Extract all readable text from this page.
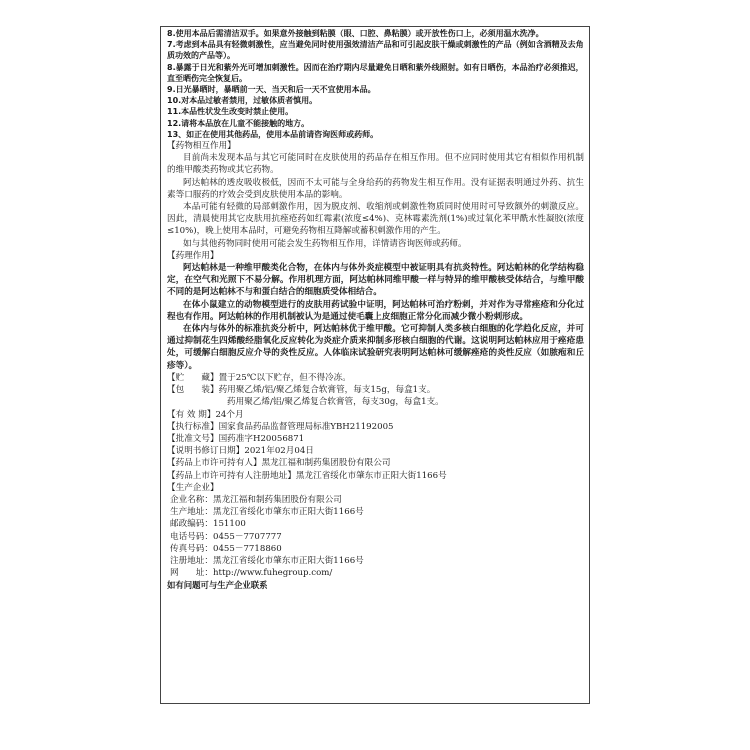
8.使用本品后需清洁双手。如果意外接触到粘膜（眼、口腔、鼻粘膜）或开放性伤口上，必须用温水洗净。

7.考虑到本品具有轻微刺激性，应当避免同时使用强效清洁产品和可引起皮肤干燥或刺激性的产品（例如含酒精及去角质功效的产品等）。

8.暴露于日光和紫外光可增加刺激性。因而在治疗期内尽量避免日晒和紫外线照射。如有日晒伤，本品治疗必须推迟，直至晒伤完全恢复后。

9.日光暴晒时，暴晒前一天、当天和后一天不宜使用本品。

10.对本品过敏者禁用，过敏体质者慎用。

11.本品性状发生改变时禁止使用。

12.请将本品放在儿童不能接触的地方。

13、如正在使用其他药品，使用本品前请咨询医师或药师。

【药物相互作用】

目前尚未发现本品与其它可能同时在皮肤使用的药品存在相互作用。但不应同时使用其它有相似作用机制的维甲酸类药物或其它药物。

阿达帕林的透皮吸收极低，因而不太可能与全身给药的药物发生相互作用。没有证据表明通过外药、抗生素等口服药的疗效会受到皮肤使用本品的影响。

本品可能有轻微的局部刺激作用，因为脱皮剂、收缩剂或刺激性物质同时使用时可导致额外的刺激反应。因此，清晨使用其它皮肤用抗痤疮药如红霉素(浓度≤4%)、克林霉素洗剂(1%)或过氧化苯甲酰水性凝胶(浓度≤10%)，晚上使用本品时，可避免药物相互降解或蓄积刺激作用的产生。

如与其他药物同时使用可能会发生药物相互作用，详情请咨询医师或药师。

【药理作用】

阿达帕林是一种维甲酸类化合物，在体内与体外炎症模型中被证明具有抗炎特性。阿达帕林的化学结构稳定，在空气和光照下不易分解。作用机理方面，阿达帕林同维甲酸一样与特异的维甲酸核受体结合，与维甲酸不同的是阿达帕林不与和蛋白结合的细胞质受体相结合。

在体小鼠建立的动物模型进行的皮肤用药试验中证明，阿达帕林可治疗粉刺，并对作为寻常痤疮和分化过程也有作用。阿达帕林的作用机制被认为是通过使毛囊上皮细胞正常分化而减少微小粉刺形成。

在体内与体外的标准抗炎分析中，阿达帕林优于维甲酸。它可抑制人类多核白细胞的化学趋化反应，并可通过抑制花生四烯酸经脂氧化反应转化为炎症介质来抑制多形核白细胞的代谢。这说明阿达帕林应用于痤疮患处，可缓解白细胞反应介导的炎性反应。人体临床试验研究表明阿达帕林可缓解痤疮的炎性反应（如脓疱和丘疹等）。

【贮　　藏】置于25℃以下贮存，但不得冷冻。

【包　　装】药用聚乙烯/铝/聚乙烯复合软膏管，每支15g，每盒1支。

药用聚乙烯/铝/聚乙烯复合软膏管，每支30g，每盒1支。

【有 效 期】24个月

【执行标准】国家食品药品监督管理局标准YBH21192005

【批准文号】国药准字H20056871

【说明书修订日期】2021年02月04日

【药品上市许可持有人】黑龙江福和制药集团股份有限公司

【药品上市许可持有人注册地址】黑龙江省绥化市肇东市正阳大街1166号

【生产企业】

企业名称：黑龙江福和制药集团股份有限公司

生产地址：黑龙江省绥化市肇东市正阳大街1166号

邮政编码：151100

电话号码：0455－7707777

传真号码：0455－7718860

注册地址：黑龙江省绥化市肇东市正阳大街1166号

网　　址：http://www.fuhegroup.com/

如有问题可与生产企业联系
